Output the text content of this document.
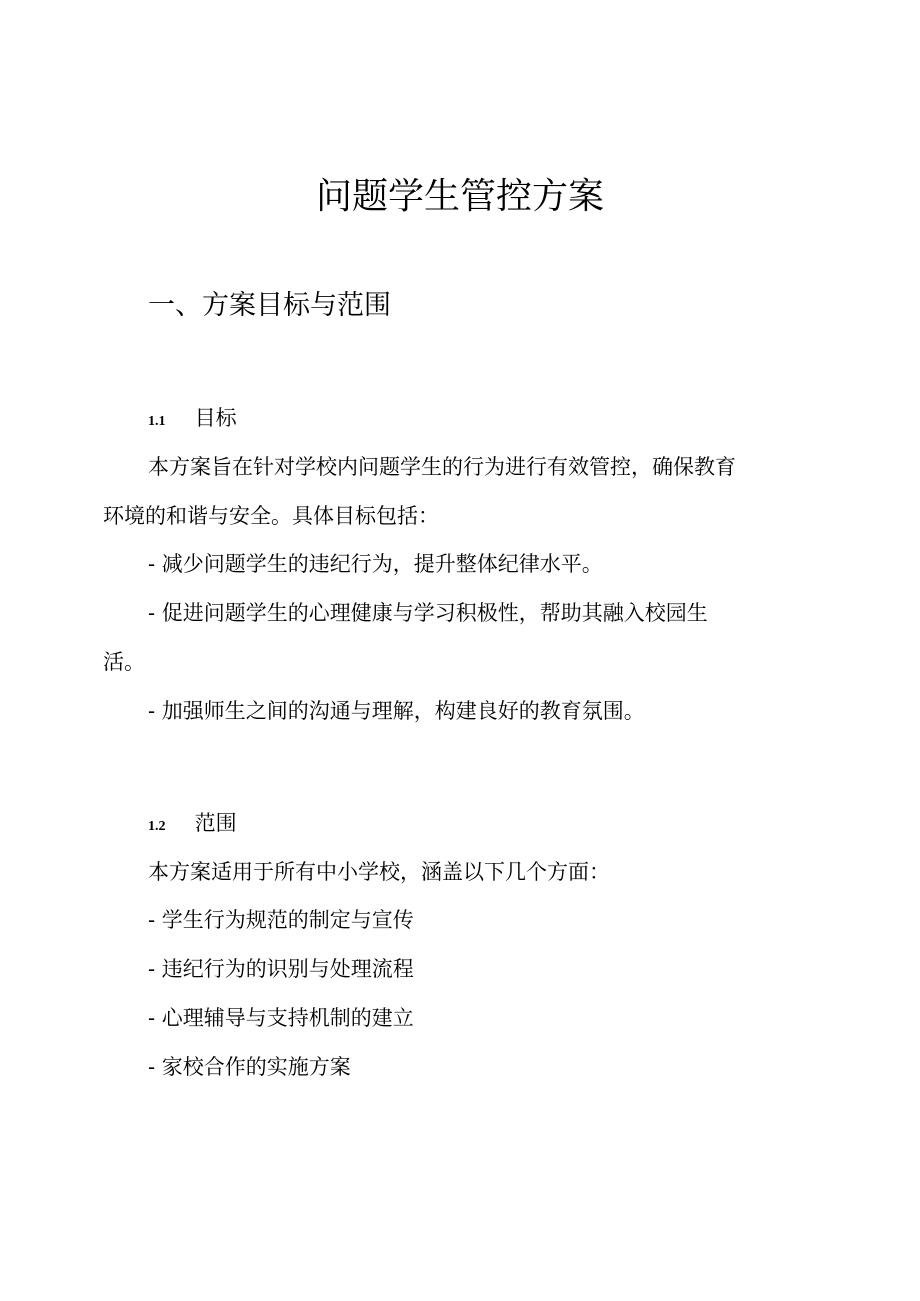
问题学生管控方案
一、方案目标与范围
1.1 目标
本方案旨在针对学校内问题学生的行为进行有效管控，确保教育
环境的和谐与安全。具体目标包括：
- 减少问题学生的违纪行为，提升整体纪律水平。
- 促进问题学生的心理健康与学习积极性，帮助其融入校园生
活。
- 加强师生之间的沟通与理解，构建良好的教育氛围。
1.2 范围
本方案适用于所有中小学校，涵盖以下几个方面：
- 学生行为规范的制定与宣传
- 违纪行为的识别与处理流程
- 心理辅导与支持机制的建立
- 家校合作的实施方案
